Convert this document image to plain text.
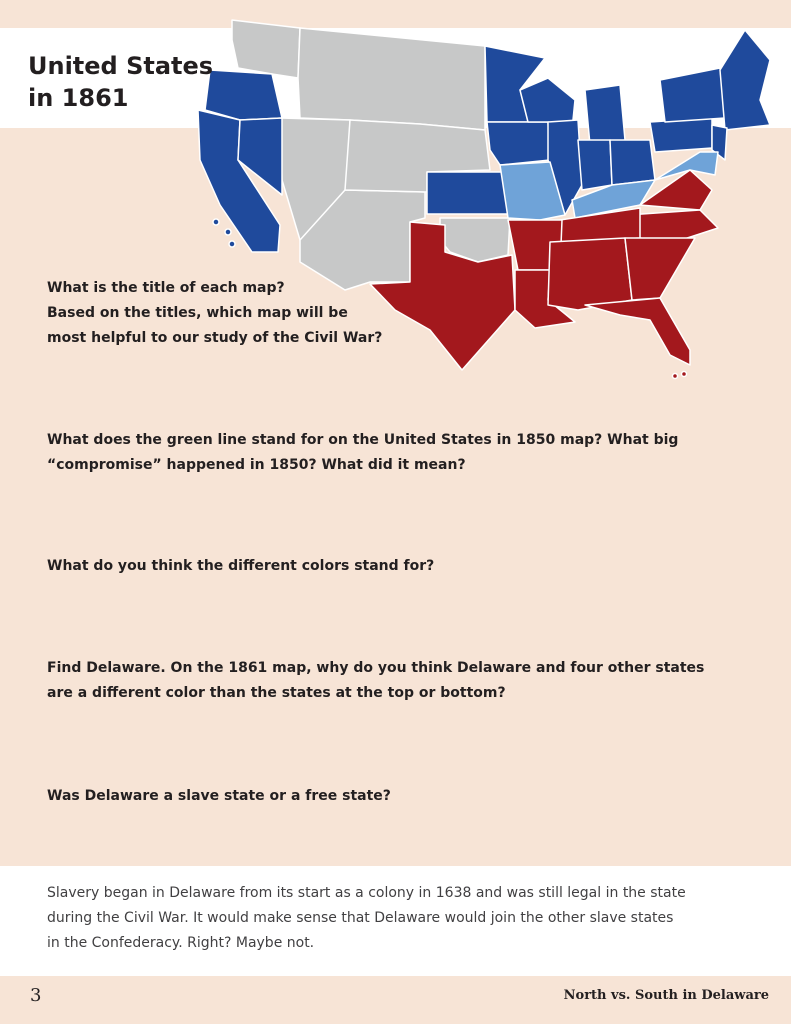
United States
in 1861
What is the title of each map?
Based on the titles, which map will be
most helpful to our study of the Civil War?
What does the green line stand for on the United States in 1850 map? What big
“compromise” happened in 1850? What did it mean?
What do you think the different colors stand for?
Find Delaware. On the 1861 map, why do you think Delaware and four other states
are a different color than the states at the top or bottom?
Was Delaware a slave state or a free state?
Slavery began in Delaware from its start as a colony in 1638 and was still legal in the state
during the Civil War. It would make sense that Delaware would join the other slave states
in the Confederacy. Right? Maybe not.
3	North vs. South in Delaware
